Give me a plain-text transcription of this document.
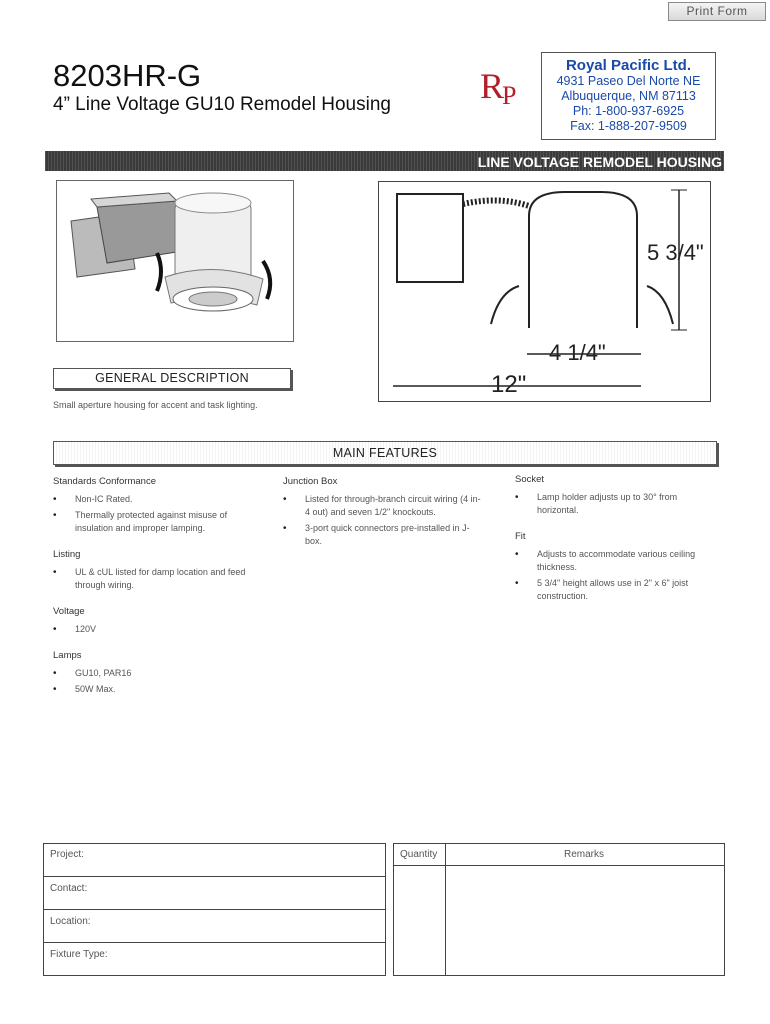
Print Form
8203HR-G
4” Line Voltage GU10 Remodel Housing R
P
Royal Pacific Ltd.
4931 Paseo Del Norte NE
Albuquerque, NM 87113
Ph: 1-800-937-6925
Fax: 1-888-207-9509
LINE VOLTAGE REMODEL HOUSING
5 3/4"
4 1/4"
12"
GENERAL DESCRIPTION
Small aperture housing for accent and task lighting.
MAIN FEATURES
Standards Conformance
• Non-IC Rated.
• Thermally protected against misuse of insulation and improper lamping.
Listing
• UL & cUL listed for damp location and feed through wiring.
Voltage
• 120V
Lamps
• GU10, PAR16
• 50W Max.
Junction Box
• Listed for through-branch circuit wiring (4 in-4 out) and seven 1/2" knockouts.
• 3-port quick connectors pre-installed in J-box.
Socket
• Lamp holder adjusts up to 30° from horizontal.
Fit
• Adjusts to accommodate various ceiling thickness.
• 5 3/4" height allows use in 2" x 6" joist construction.
Project:
Contact:
Location:
Fixture Type:
Quantity	Remarks
